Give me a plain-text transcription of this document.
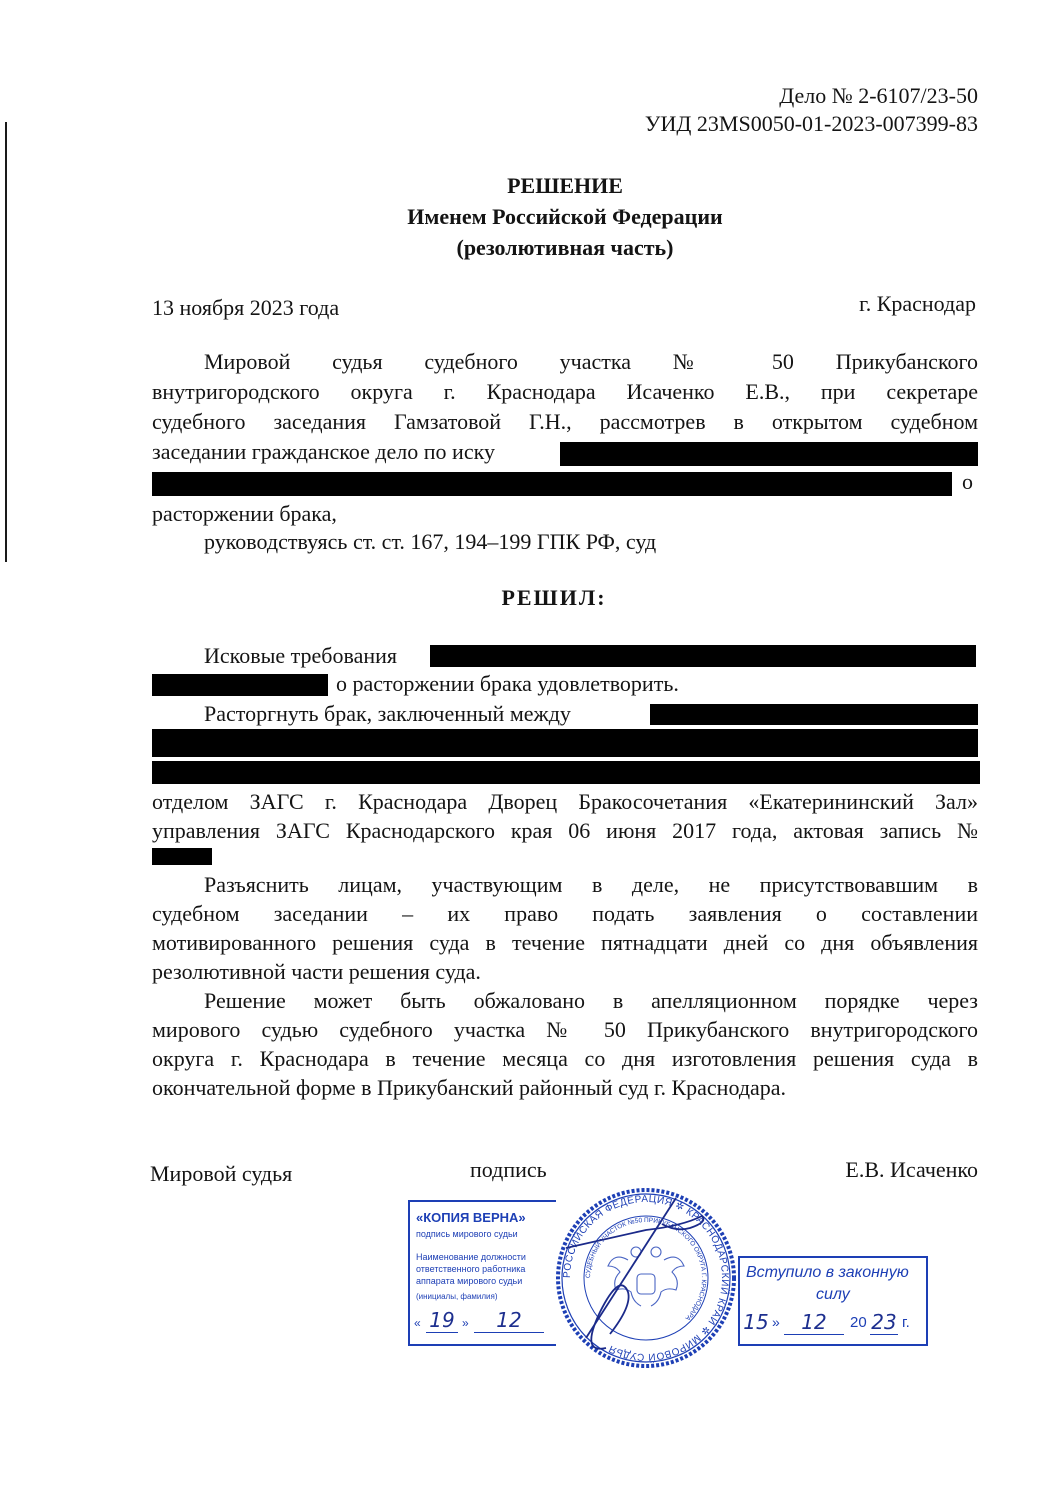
Дело № 2-6107/23-50
УИД 23MS0050-01-2023-007399-83
РЕШЕНИЕ
Именем Российской Федерации
(резолютивная часть)
13 ноября 2023 года	г. Краснодар
Мировой судья судебного участка № 50 Прикубанского
внутригородского округа г. Краснодара Исаченко Е.В., при секретаре
судебного заседания Гамзатовой Г.Н., рассмотрев в открытом судебном
заседании гражданское дело по иску
о
расторжении брака,
руководствуясь ст. ст. 167, 194–199 ГПК РФ, суд
РЕШИЛ:
Исковые требования
о расторжении брака удовлетворить.
Расторгнуть брак, заключенный между
отделом ЗАГС г. Краснодара Дворец Бракосочетания «Екатерининский Зал»
управления ЗАГС Краснодарского края 06 июня 2017 года, актовая запись №
Разъяснить лицам, участвующим в деле, не присутствовавшим в
судебном заседании – их право подать заявления о составлении
мотивированного решения суда в течение пятнадцати дней со дня объявления
резолютивной части решения суда.
Решение может быть обжаловано в апелляционном порядке через
мирового судью судебного участка № 50 Прикубанского внутригородского
округа г. Краснодара в течение месяца со дня изготовления решения суда в
окончательной форме в Прикубанский районный суд г. Краснодара.
Мировой судья	подпись	Е.В. Исаченко
РОССИЙСКАЯ ФЕДЕРАЦИЯ ✲ КРАСНОДАРСКИЙ КРАЙ ✲ МИРОВОЙ СУДЬЯ
СУДЕБНЫЙ УЧАСТОК №50 ПРИКУБАНСКОГО ОКРУГА Г. КРАСНОДАРА
«КОПИЯ ВЕРНА»
подпись мирового судьи
Наименование должности
ответственного работника
аппарата мирового судьи
(инициалы, фамилия)
« 19 »	12
Вступило в законную
силу
15 »	12	20 23 г.
